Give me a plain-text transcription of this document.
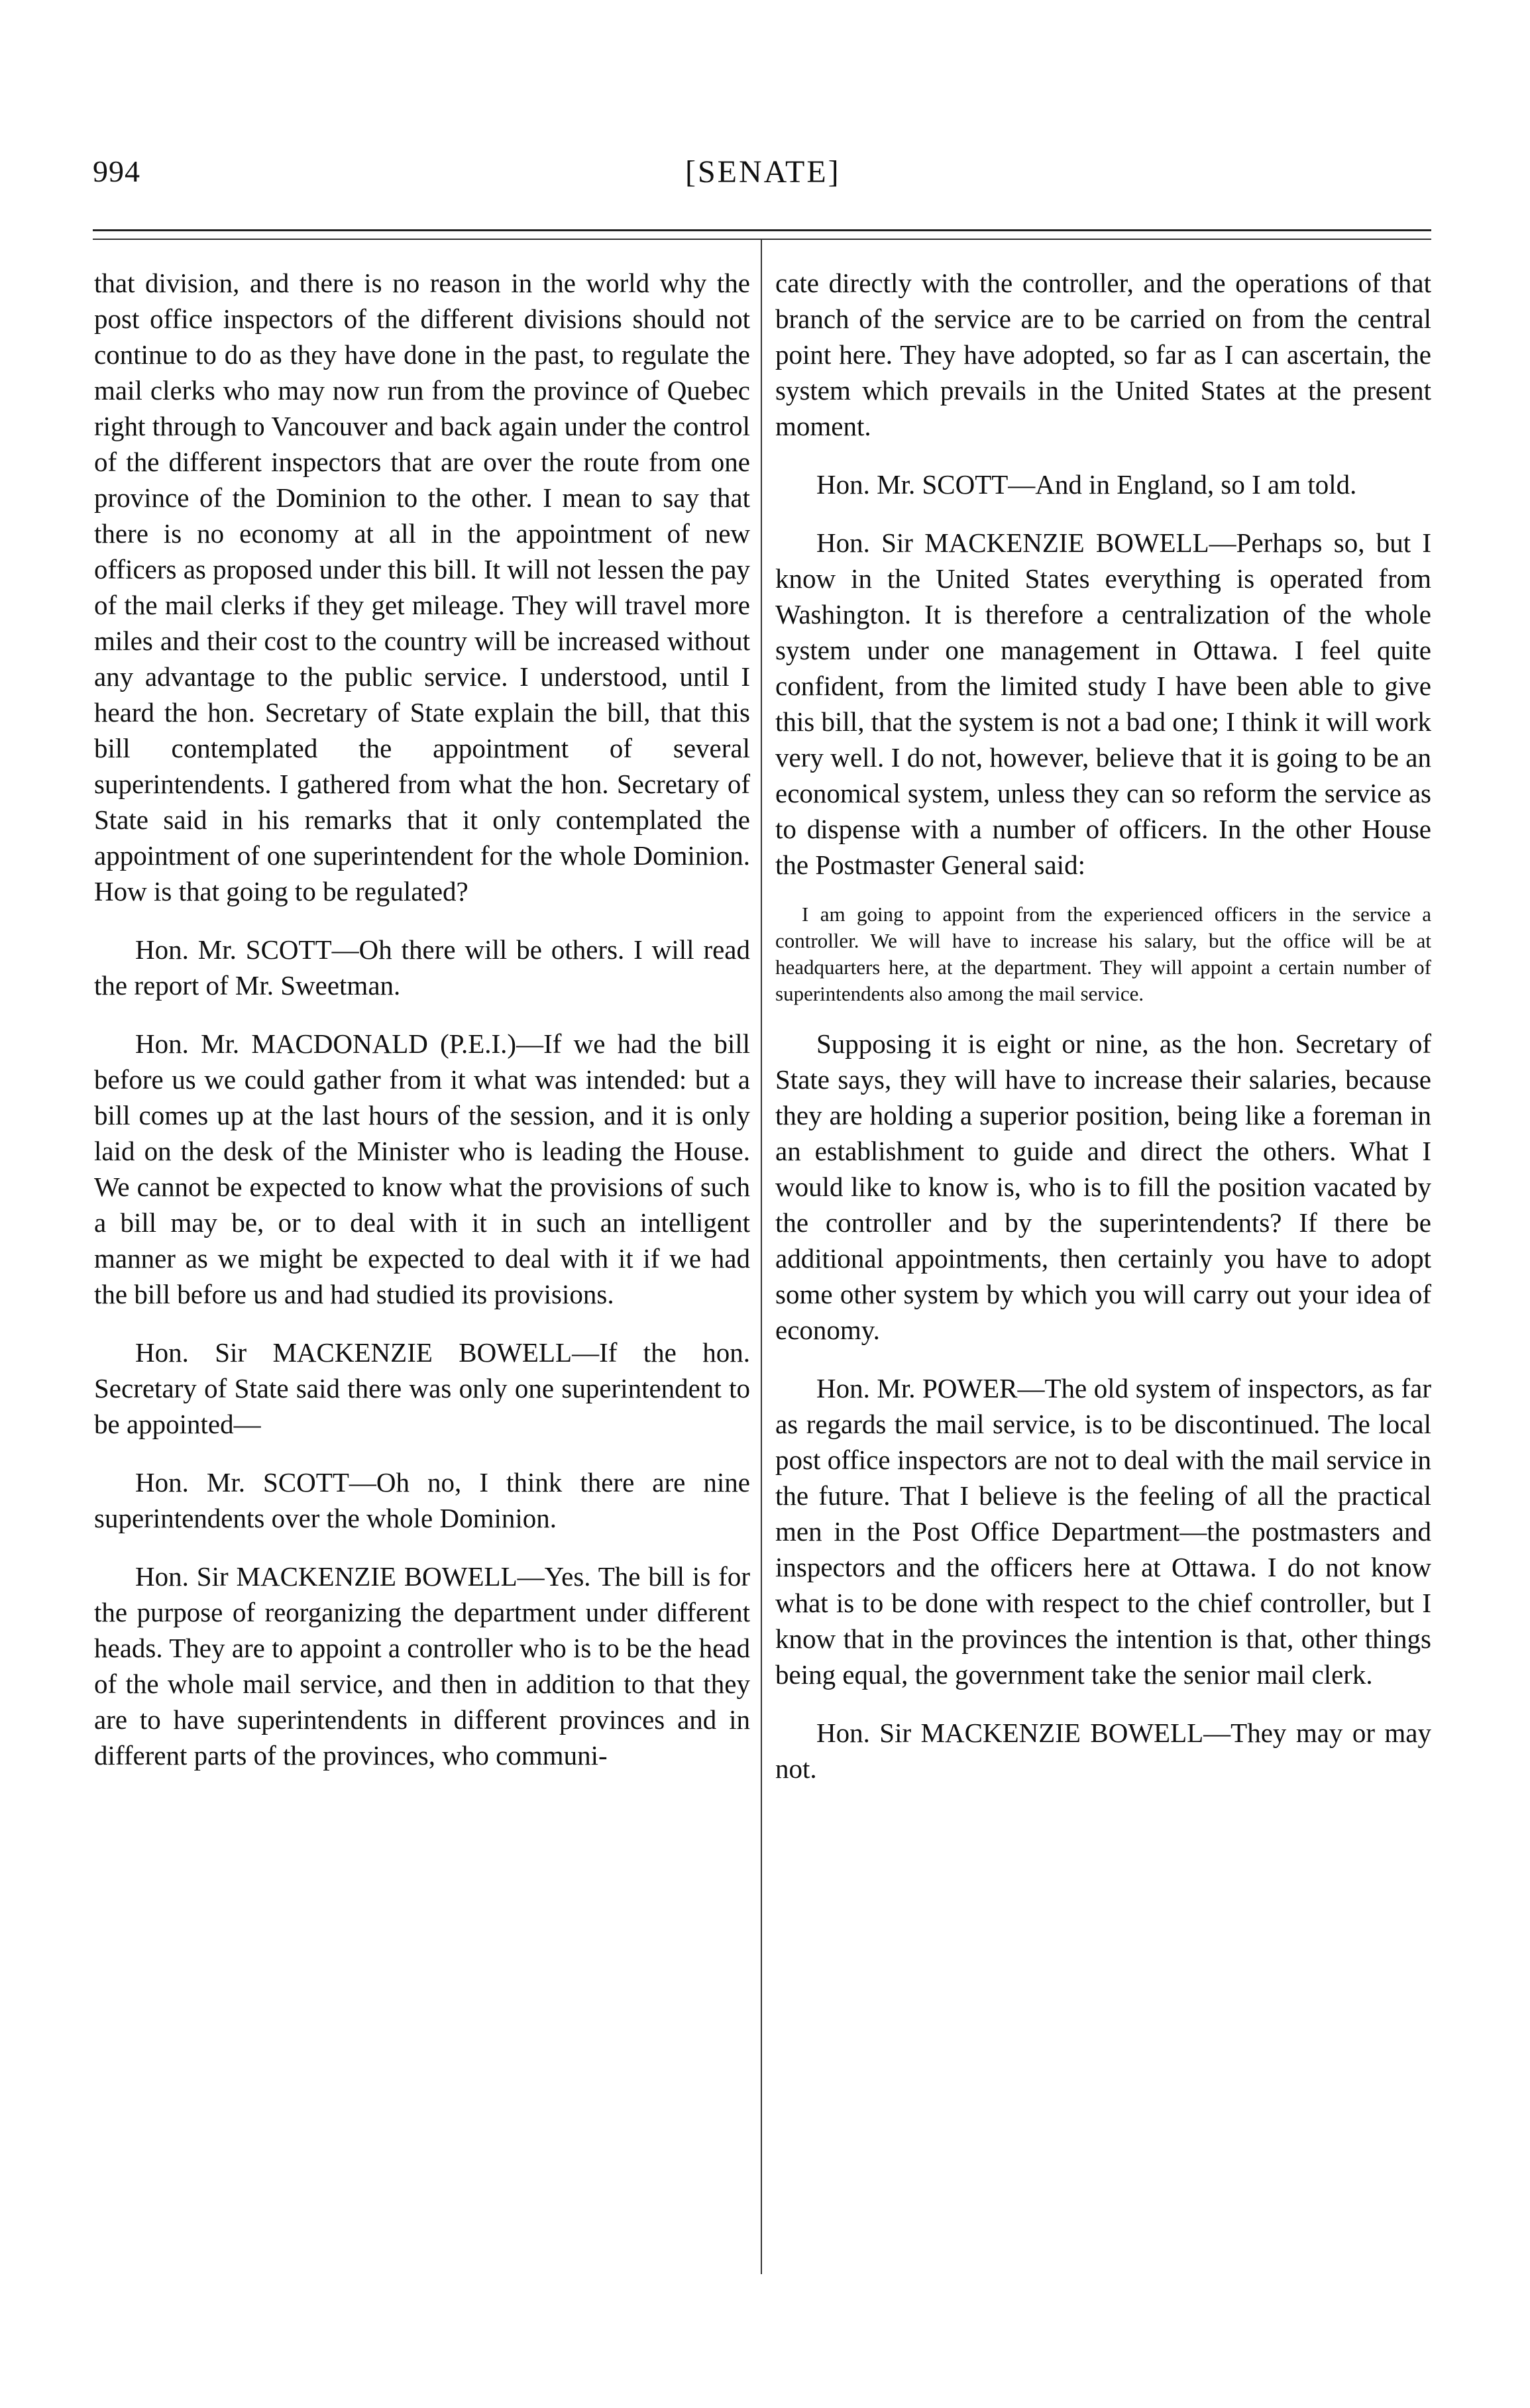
994	[SENATE]

that division, and there is no reason in the world why the post office inspectors of the different divisions should not continue to do as they have done in the past, to regulate the mail clerks who may now run from the province of Quebec right through to Vancouver and back again under the control of the different inspectors that are over the route from one province of the Dominion to the other. I mean to say that there is no economy at all in the appointment of new officers as proposed under this bill. It will not lessen the pay of the mail clerks if they get mileage. They will travel more miles and their cost to the country will be increased without any advantage to the public service. I understood, until I heard the hon. Secretary of State explain the bill, that this bill contemplated the appointment of several superintendents. I gathered from what the hon. Secretary of State said in his remarks that it only contemplated the appointment of one superintendent for the whole Dominion. How is that going to be regulated?

Hon. Mr. SCOTT—Oh there will be others. I will read the report of Mr. Sweetman.

Hon. Mr. MACDONALD (P.E.I.)—If we had the bill before us we could gather from it what was intended: but a bill comes up at the last hours of the session, and it is only laid on the desk of the Minister who is leading the House. We cannot be expected to know what the provisions of such a bill may be, or to deal with it in such an intelligent manner as we might be expected to deal with it if we had the bill before us and had studied its provisions.

Hon. Sir MACKENZIE BOWELL—If the hon. Secretary of State said there was only one superintendent to be appointed—

Hon. Mr. SCOTT—Oh no, I think there are nine superintendents over the whole Dominion.

Hon. Sir MACKENZIE BOWELL—Yes. The bill is for the purpose of reorganizing the department under different heads. They are to appoint a controller who is to be the head of the whole mail service, and then in addition to that they are to have superintendents in different provinces and in different parts of the provinces, who communi-

cate directly with the controller, and the operations of that branch of the service are to be carried on from the central point here. They have adopted, so far as I can ascertain, the system which prevails in the United States at the present moment.

Hon. Mr. SCOTT—And in England, so I am told.

Hon. Sir MACKENZIE BOWELL—Perhaps so, but I know in the United States everything is operated from Washington. It is therefore a centralization of the whole system under one management in Ottawa. I feel quite confident, from the limited study I have been able to give this bill, that the system is not a bad one; I think it will work very well. I do not, however, believe that it is going to be an economical system, unless they can so reform the service as to dispense with a number of officers. In the other House the Postmaster General said:

I am going to appoint from the experienced officers in the service a controller. We will have to increase his salary, but the office will be at headquarters here, at the department. They will appoint a certain number of superintendents also among the mail service.

Supposing it is eight or nine, as the hon. Secretary of State says, they will have to increase their salaries, because they are holding a superior position, being like a foreman in an establishment to guide and direct the others. What I would like to know is, who is to fill the position vacated by the controller and by the superintendents? If there be additional appointments, then certainly you have to adopt some other system by which you will carry out your idea of economy.

Hon. Mr. POWER—The old system of inspectors, as far as regards the mail service, is to be discontinued. The local post office inspectors are not to deal with the mail service in the future. That I believe is the feeling of all the practical men in the Post Office Department—the postmasters and inspectors and the officers here at Ottawa. I do not know what is to be done with respect to the chief controller, but I know that in the provinces the intention is that, other things being equal, the government take the senior mail clerk.

Hon. Sir MACKENZIE BOWELL—They may or may not.
